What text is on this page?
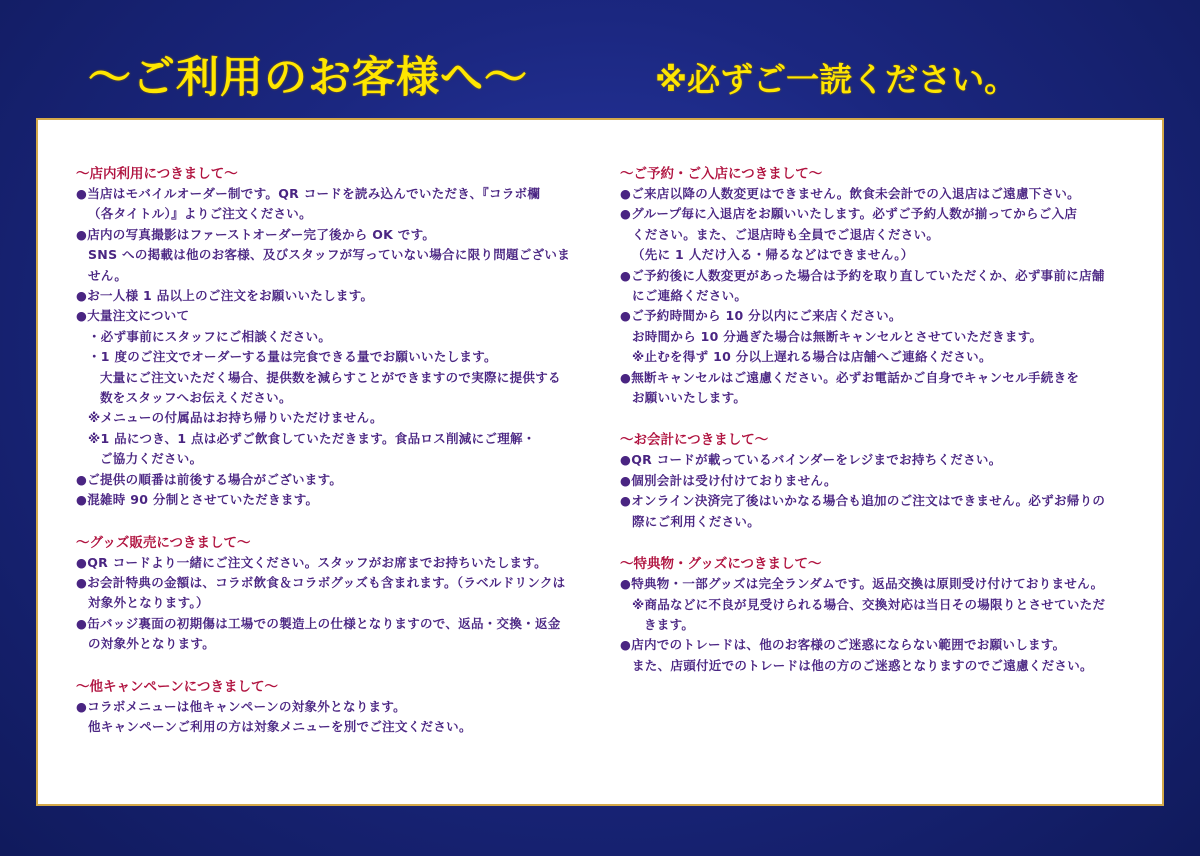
〜ご利用のお客様へ〜	※必ずご一読ください。
〜店内利用につきまして〜
●当店はモバイルオーダー制です。QR コードを読み込んでいただき、『コラボ欄
（各タイトル）』よりご注文ください。
●店内の写真撮影はファーストオーダー完了後から OK です。
SNS への掲載は他のお客様、及びスタッフが写っていない場合に限り問題ございま
せん。
●お一人様 1 品以上のご注文をお願いいたします。
●大量注文について
・必ず事前にスタッフにご相談ください。
・1 度のご注文でオーダーする量は完食できる量でお願いいたします。
大量にご注文いただく場合、提供数を減らすことができますので実際に提供する
数をスタッフへお伝えください。
※メニューの付属品はお持ち帰りいただけません。
※1 品につき、1 点は必ずご飲食していただきます。食品ロス削減にご理解・
ご協力ください。
●ご提供の順番は前後する場合がございます。
●混雑時 90 分制とさせていただきます。
〜グッズ販売につきまして〜
●QR コードより一緒にご注文ください。スタッフがお席までお持ちいたします。
●お会計特典の金額は、コラボ飲食＆コラボグッズも含まれます。（ラベルドリンクは
対象外となります。）
●缶バッジ裏面の初期傷は工場での製造上の仕様となりますので、返品・交換・返金
の対象外となります。
〜他キャンペーンにつきまして〜
●コラボメニューは他キャンペーンの対象外となります。
他キャンペーンご利用の方は対象メニューを別でご注文ください。
〜ご予約・ご入店につきまして〜
●ご来店以降の人数変更はできません。飲食未会計での入退店はご遠慮下さい。
●グループ毎に入退店をお願いいたします。必ずご予約人数が揃ってからご入店
ください。また、ご退店時も全員でご退店ください。
（先に 1 人だけ入る・帰るなどはできません。）
●ご予約後に人数変更があった場合は予約を取り直していただくか、必ず事前に店舗
にご連絡ください。
●ご予約時間から 10 分以内にご来店ください。
お時間から 10 分過ぎた場合は無断キャンセルとさせていただきます。
※止むを得ず 10 分以上遅れる場合は店舗へご連絡ください。
●無断キャンセルはご遠慮ください。必ずお電話かご自身でキャンセル手続きを
お願いいたします。
〜お会計につきまして〜
●QR コードが載っているバインダーをレジまでお持ちください。
●個別会計は受け付けておりません。
●オンライン決済完了後はいかなる場合も追加のご注文はできません。必ずお帰りの
際にご利用ください。
〜特典物・グッズにつきまして〜
●特典物・一部グッズは完全ランダムです。返品交換は原則受け付けておりません。
※商品などに不良が見受けられる場合、交換対応は当日その場限りとさせていただ
きます。
●店内でのトレードは、他のお客様のご迷惑にならない範囲でお願いします。
また、店頭付近でのトレードは他の方のご迷惑となりますのでご遠慮ください。
